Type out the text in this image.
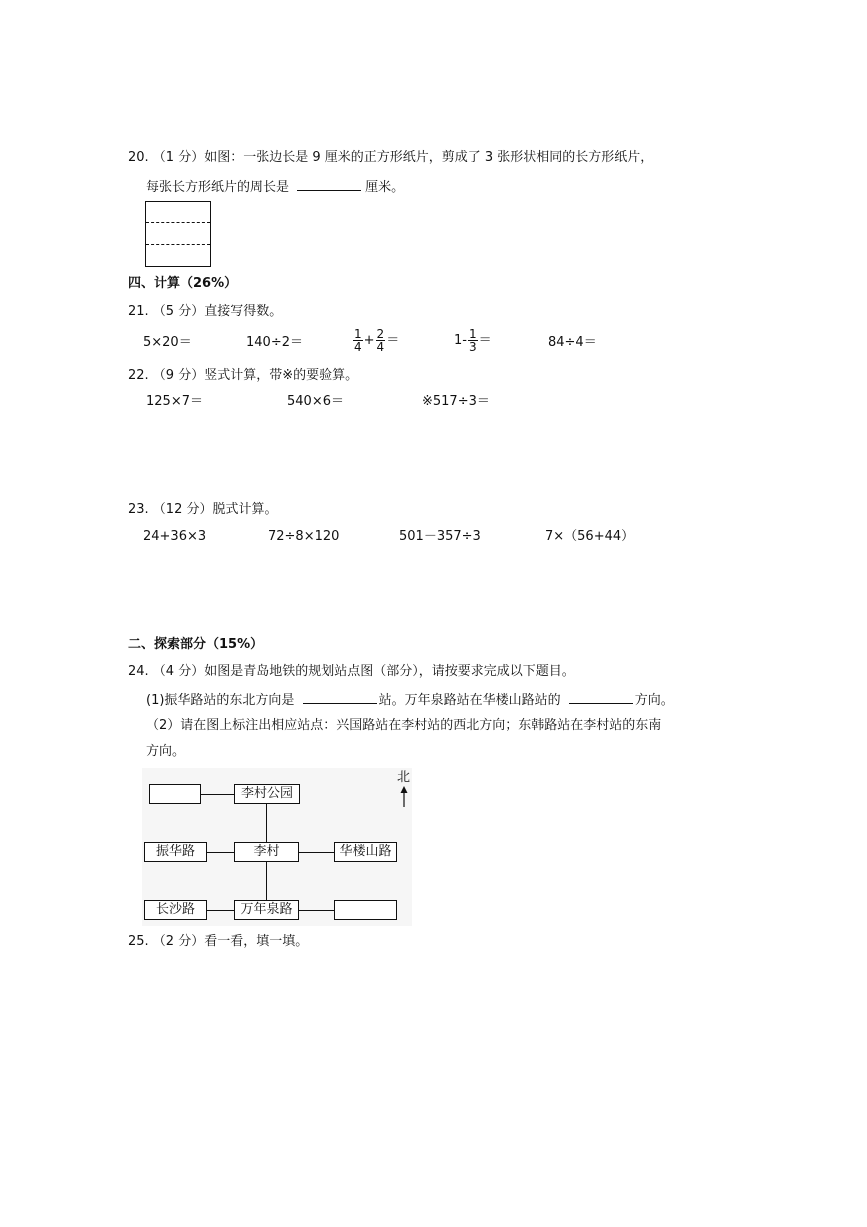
20. （1 分）如图：一张边长是 9 厘米的正方形纸片，剪成了 3 张形状相同的长方形纸片，
每张长方形纸片的周长是	厘米。
四、计算（26%）
21. （5 分）直接写得数。
5×20＝	140÷2＝	$\frac{1}{4} + \frac{2}{4}$ ＝	$1- \frac{1}{3}$ ＝	84÷4＝
22. （9 分）竖式计算，带※的要验算。
125×7＝	540×6＝	※517÷3＝
23. （12 分）脱式计算。
24+36×3	72÷8×120	501－357÷3	7×（56+44）
二、探索部分（15%）
24. （4 分）如图是青岛地铁的规划站点图（部分），请按要求完成以下题目。
(1)振华路站的东北方向是	站。万年泉路站在华楼山路站的	方向。
（2）请在图上标注出相应站点：兴国路站在李村站的西北方向；东韩路站在李村站的东南
方向。
李村公园
振华路	李村	华楼山路
长沙路	万年泉路
北
25. （2 分）看一看，填一填。
